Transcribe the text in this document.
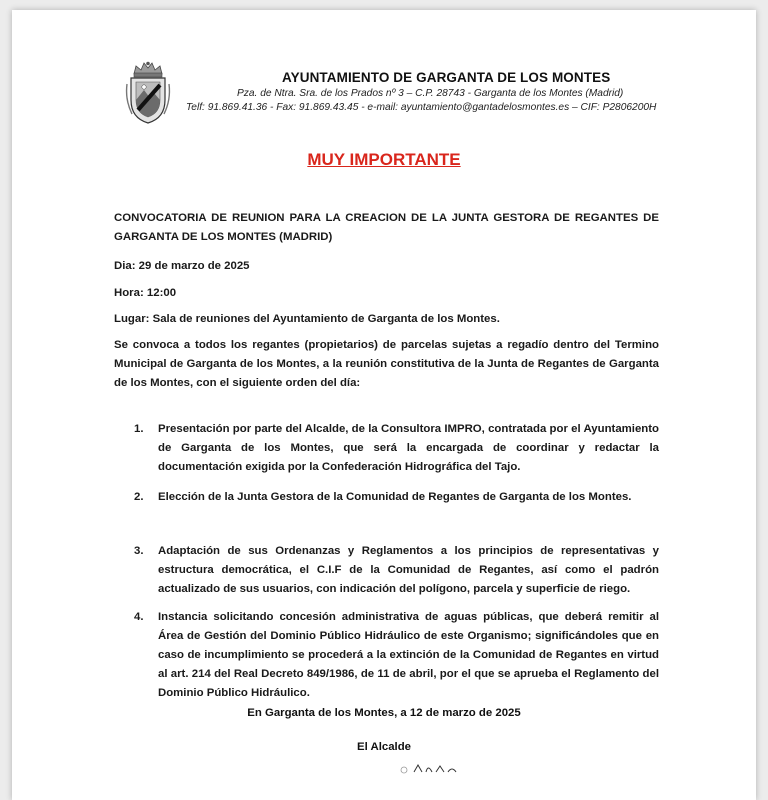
AYUNTAMIENTO DE GARGANTA DE LOS MONTES
Pza. de Ntra. Sra. de los Prados nº 3 – C.P. 28743 - Garganta de los Montes (Madrid)
Telf: 91.869.41.36 - Fax: 91.869.43.45 - e-mail: ayuntamiento@gantadelosmontes.es – CIF: P2806200H
MUY IMPORTANTE
CONVOCATORIA DE REUNION PARA LA CREACION DE LA JUNTA GESTORA DE REGANTES DE GARGANTA DE LOS MONTES (MADRID)
Dia: 29 de marzo de 2025
Hora: 12:00
Lugar: Sala de reuniones del Ayuntamiento de Garganta de los Montes.
Se convoca a todos los regantes (propietarios) de parcelas sujetas a regadío dentro del Termino Municipal de Garganta de los Montes, a la reunión constitutiva de la Junta de Regantes de Garganta de los Montes, con el siguiente orden del día:
1. Presentación por parte del Alcalde, de la Consultora IMPRO, contratada por el Ayuntamiento de Garganta de los Montes, que será la encargada de coordinar y redactar la documentación exigida por la Confederación Hidrográfica del Tajo.
2. Elección de la Junta Gestora de la Comunidad de Regantes de Garganta de los Montes.
3. Adaptación de sus Ordenanzas y Reglamentos a los principios de representativas y estructura democrática, el C.I.F de la Comunidad de Regantes, así como el padrón actualizado de sus usuarios, con indicación del polígono, parcela y superficie de riego.
4. Instancia solicitando concesión administrativa de aguas públicas, que deberá remitir al Área de Gestión del Dominio Público Hidráulico de este Organismo; significándoles que en caso de incumplimiento se procederá a la extinción de la Comunidad de Regantes en virtud al art. 214 del Real Decreto 849/1986, de 11 de abril, por el que se aprueba el Reglamento del Dominio Público Hidráulico.
En Garganta de los Montes, a 12 de marzo de 2025
El Alcalde
